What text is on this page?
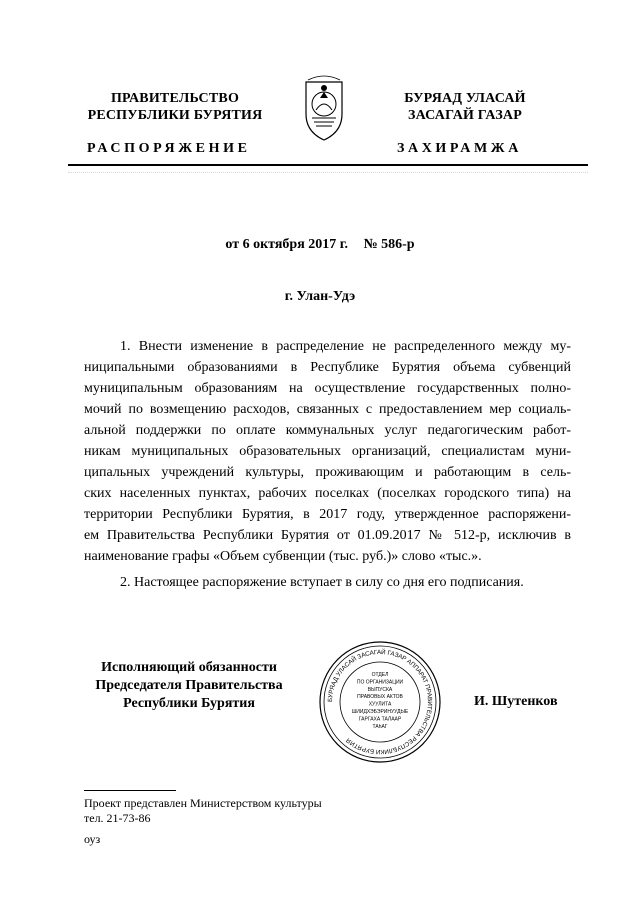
ПРАВИТЕЛЬСТВО
РЕСПУБЛИКИ БУРЯТИЯ
БУРЯАД УЛАСАЙ
ЗАСАГАЙ ГАЗАР
РАСПОРЯЖЕНИЕ	ЗАХИРАМЖА
от 6 октября 2017 г. № 586-р
г. Улан-Удэ
1. Внести изменение в распределение не распределенного между му-
ниципальными образованиями в Республике Бурятия объема субвенций
муниципальным образованиям на осуществление государственных полно-
мочий по возмещению расходов, связанных с предоставлением мер социаль-
альной поддержки по оплате коммунальных услуг педагогическим работ-
никам муниципальных образовательных организаций, специалистам муни-
ципальных учреждений культуры, проживающим и работающим в сель-
ских населенных пунктах, рабочих поселках (поселках городского типа) на
территории Республики Бурятия, в 2017 году, утвержденное распоряжени-
ем Правительства Республики Бурятия от 01.09.2017 № 512-р, исключив в
наименование графы «Объем субвенции (тыс. руб.)» слово «тыс.».
2. Настоящее распоряжение вступает в силу со дня его подписания.
Исполняющий обязанности
Председателя Правительства
Республики Бурятия	БУРЯАД УЛАСАЙ ЗАСАГАЙ ГАЗАР АППАРАТ ПРАВИТЕЛЬСТВА РЕСПУБЛИКИ БУРЯТИЯ
ОТДЕЛ
ПО ОРГАНИЗАЦИИ
ВЫПУСКА
ПРАВОВЫХ АКТОВ
ХУУЛИТА
ШИИДХЭБЭРИНУУДЫЕ
ГАРГАХА ТАЛААР
ТАһАГ
И. Шутенков
Проект представлен Министерством культуры
тел. 21-73-86
оуз
